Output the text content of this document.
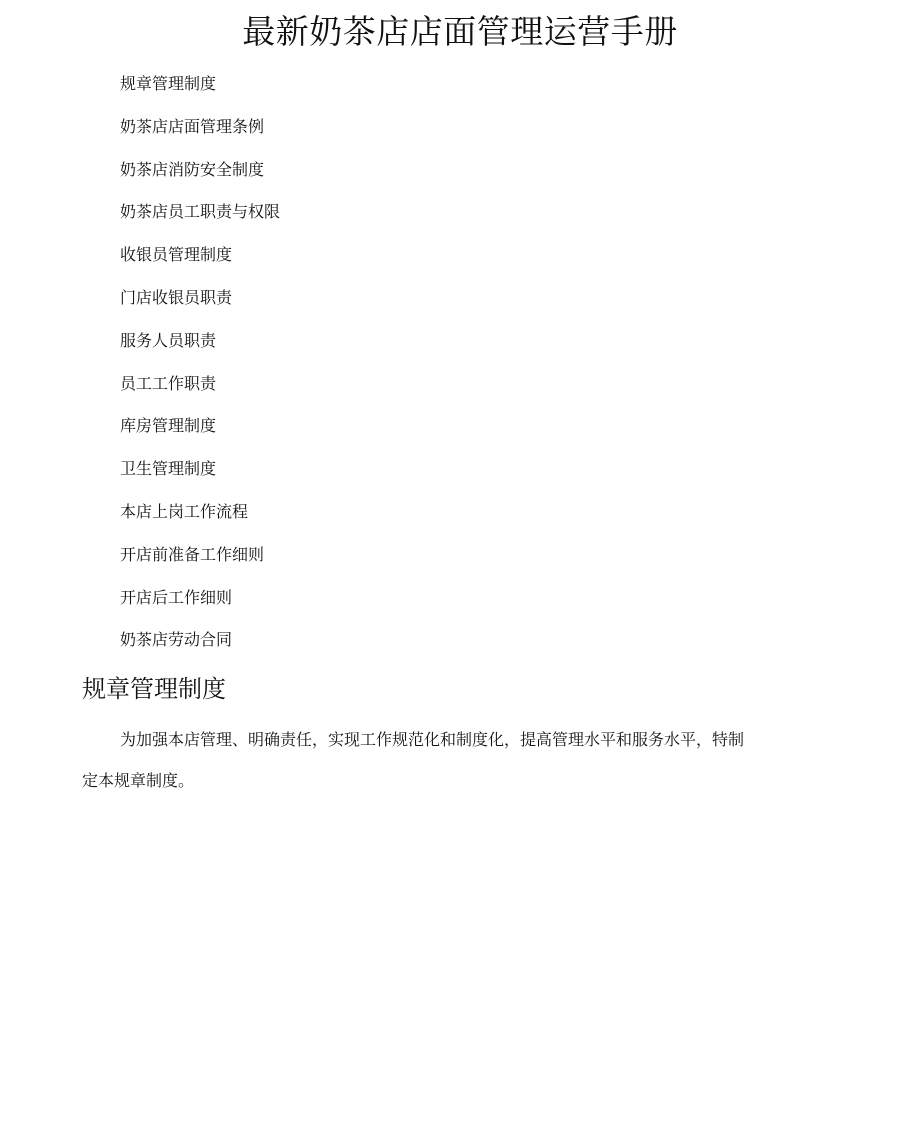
最新奶茶店店面管理运营手册
规章管理制度
奶茶店店面管理条例
奶茶店消防安全制度
奶茶店员工职责与权限
收银员管理制度
门店收银员职责
服务人员职责
员工工作职责
库房管理制度
卫生管理制度
本店上岗工作流程
开店前准备工作细则
开店后工作细则
奶茶店劳动合同
规章管理制度

为加强本店管理、明确责任，实现工作规范化和制度化，提高管理水平和服务水平，特制

定本规章制度。
